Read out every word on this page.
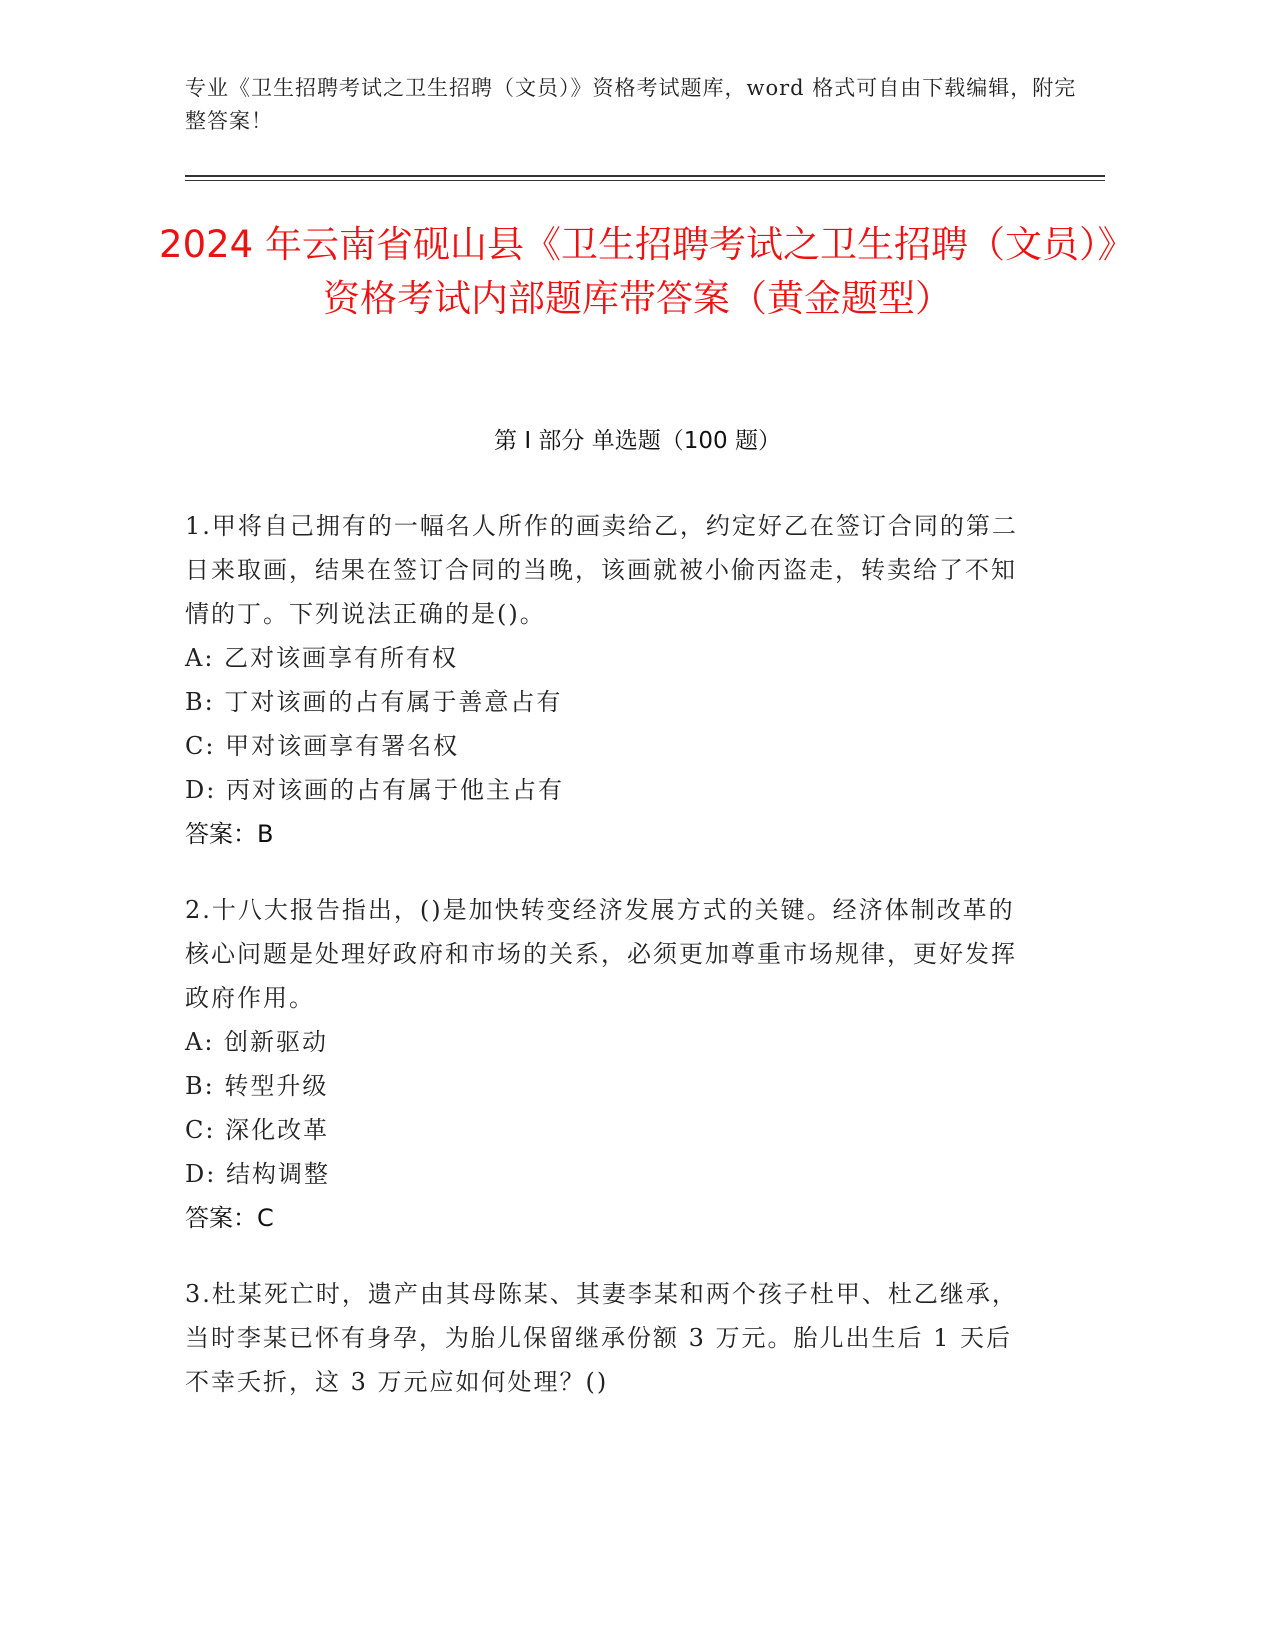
专业《卫生招聘考试之卫生招聘（文员）》资格考试题库，word 格式可自由下载编辑，附完整答案！
2024 年云南省砚山县《卫生招聘考试之卫生招聘（文员）》资格考试内部题库带答案（黄金题型）
第 I 部分 单选题（100 题）
1.甲将自己拥有的一幅名人所作的画卖给乙，约定好乙在签订合同的第二日来取画，结果在签订合同的当晚，该画就被小偷丙盗走，转卖给了不知情的丁。下列说法正确的是()。
A: 乙对该画享有所有权
B: 丁对该画的占有属于善意占有
C: 甲对该画享有署名权
D: 丙对该画的占有属于他主占有
答案：B
2.十八大报告指出，()是加快转变经济发展方式的关键。经济体制改革的核心问题是处理好政府和市场的关系，必须更加尊重市场规律，更好发挥政府作用。
A: 创新驱动
B: 转型升级
C: 深化改革
D: 结构调整
答案：C
3.杜某死亡时，遗产由其母陈某、其妻李某和两个孩子杜甲、杜乙继承，当时李某已怀有身孕，为胎儿保留继承份额 3 万元。胎儿出生后 1 天后不幸夭折，这 3 万元应如何处理？()
